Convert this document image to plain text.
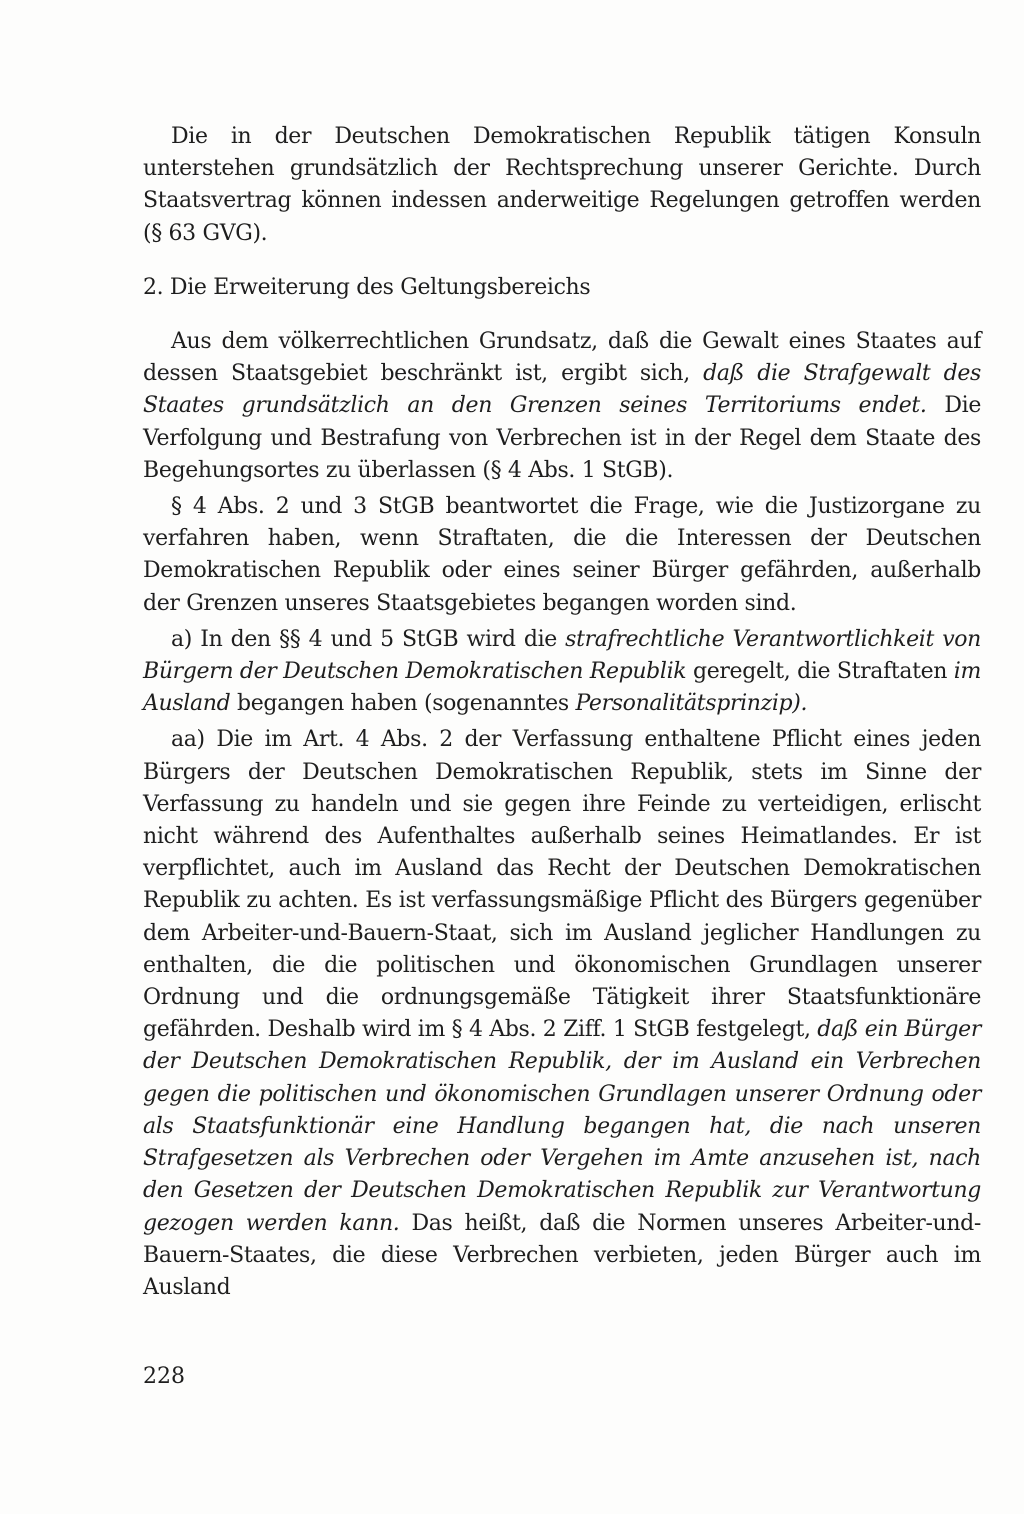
Die in der Deutschen Demokratischen Republik tätigen Konsuln unterstehen grundsätzlich der Rechtsprechung unserer Gerichte. Durch Staatsvertrag können indessen anderweitige Regelungen getroffen werden (§ 63 GVG).

2. Die Erweiterung des Geltungsbereichs

Aus dem völkerrechtlichen Grundsatz, daß die Gewalt eines Staates auf dessen Staatsgebiet beschränkt ist, ergibt sich, daß die Strafgewalt des Staates grundsätzlich an den Grenzen seines Territoriums endet. Die Verfolgung und Bestrafung von Verbrechen ist in der Regel dem Staate des Begehungsortes zu überlassen (§ 4 Abs. 1 StGB).

§ 4 Abs. 2 und 3 StGB beantwortet die Frage, wie die Justizorgane zu verfahren haben, wenn Straftaten, die die Interessen der Deutschen Demokratischen Republik oder eines seiner Bürger gefährden, außerhalb der Grenzen unseres Staatsgebietes begangen worden sind.

a) In den §§ 4 und 5 StGB wird die strafrechtliche Verantwortlichkeit von Bürgern der Deutschen Demokratischen Republik geregelt, die Straftaten im Ausland begangen haben (sogenanntes Personalitätsprinzip).

aa) Die im Art. 4 Abs. 2 der Verfassung enthaltene Pflicht eines jeden Bürgers der Deutschen Demokratischen Republik, stets im Sinne der Verfassung zu handeln und sie gegen ihre Feinde zu verteidigen, erlischt nicht während des Aufenthaltes außerhalb seines Heimatlandes. Er ist verpflichtet, auch im Ausland das Recht der Deutschen Demokratischen Republik zu achten. Es ist verfassungsmäßige Pflicht des Bürgers gegenüber dem Arbeiter-und-Bauern-Staat, sich im Ausland jeglicher Handlungen zu enthalten, die die politischen und ökonomischen Grundlagen unserer Ordnung und die ordnungsgemäße Tätigkeit ihrer Staatsfunktionäre gefährden. Deshalb wird im § 4 Abs. 2 Ziff. 1 StGB festgelegt, daß ein Bürger der Deutschen Demokratischen Republik, der im Ausland ein Verbrechen gegen die politischen und ökonomischen Grundlagen unserer Ordnung oder als Staatsfunktionär eine Handlung begangen hat, die nach unseren Strafgesetzen als Verbrechen oder Vergehen im Amte anzusehen ist, nach den Gesetzen der Deutschen Demokratischen Republik zur Verantwortung gezogen werden kann. Das heißt, daß die Normen unseres Arbeiter-und-Bauern-Staates, die diese Verbrechen verbieten, jeden Bürger auch im Ausland

228
